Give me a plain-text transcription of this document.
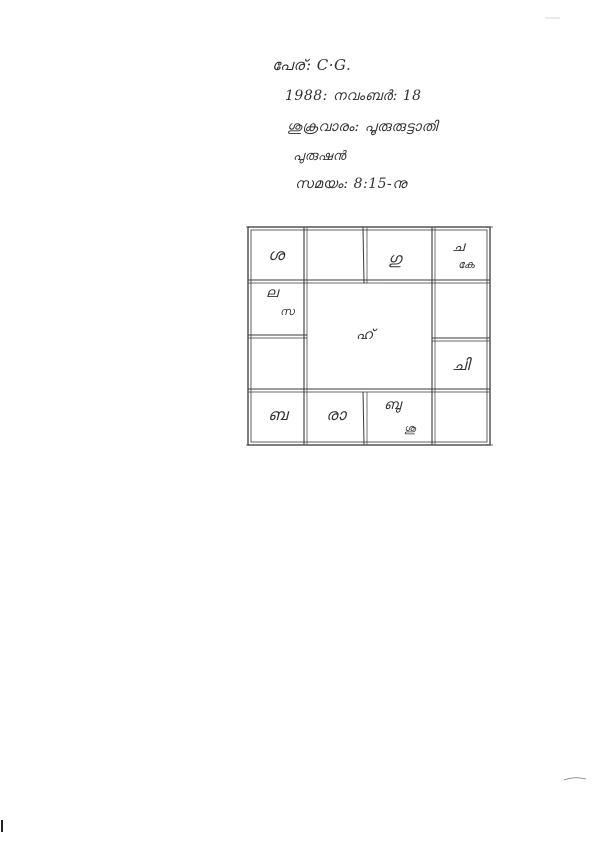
പേര്: C·G.
1988: നവംബർ: 18
ശുക്രവാരം: പൂരുരുട്ടാതി
പുരുഷൻ
സമയം: 8:15-നു
ശ	ഗു
ച
കേ
ല
സ
ഹ്
ചി
ബ രാ	ബു
ശു
